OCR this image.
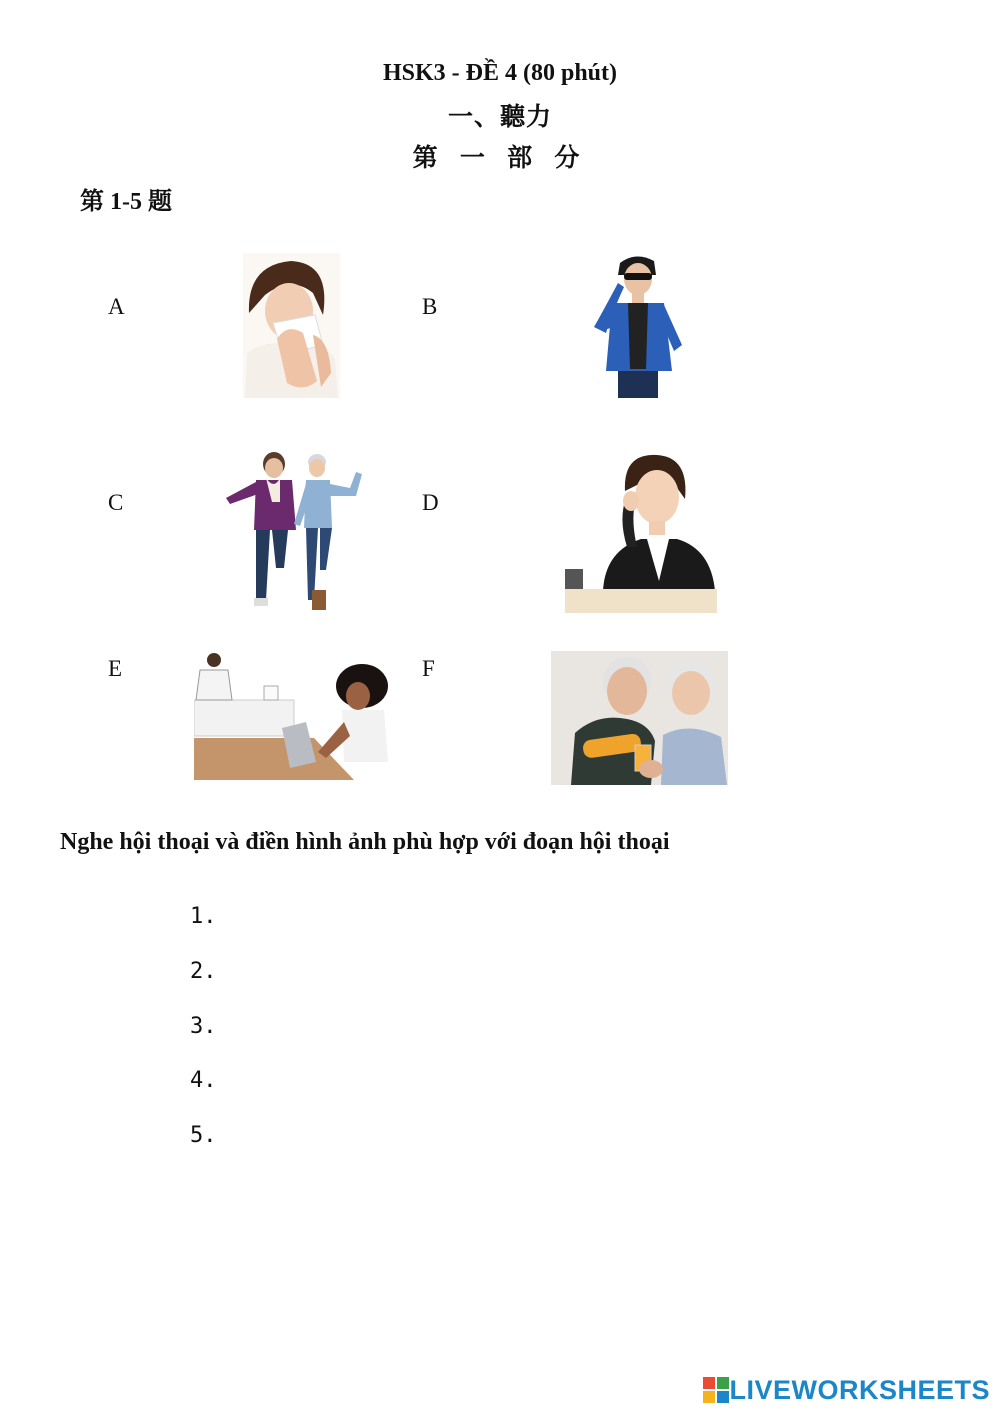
HSK3 - ĐỀ 4 (80 phút)
一、聽力
第 一 部 分
第 1-5 题
A	B
C	D
E	F
Nghe hội thoại và điền hình ảnh phù hợp với đoạn hội thoại
1.
2.
3.
4.
5.
LIVEWORKSHEETS
